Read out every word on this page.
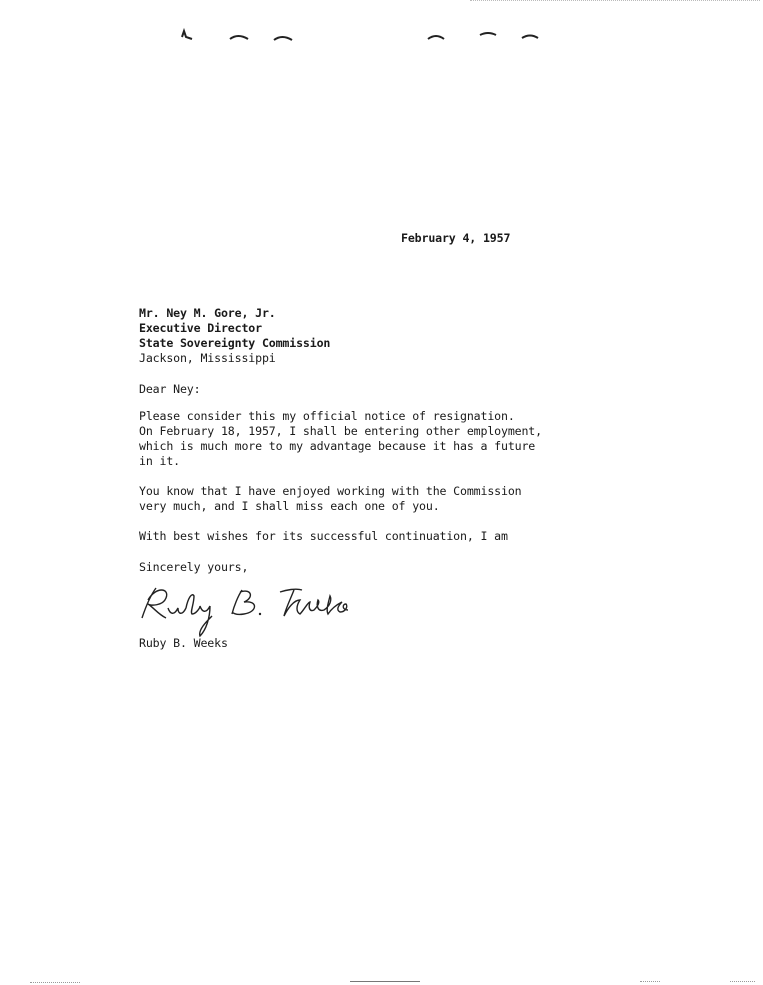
February 4, 1957
Mr. Ney M. Gore, Jr.
Executive Director
State Sovereignty Commission
Jackson, Mississippi
Dear Ney:
Please consider this my official notice of resignation.
On February 18, 1957, I shall be entering other employment,
which is much more to my advantage because it has a future
in it.
You know that I have enjoyed working with the Commission
very much, and I shall miss each one of you.
With best wishes for its successful continuation, I am
Sincerely yours,
Ruby B. Weeks
